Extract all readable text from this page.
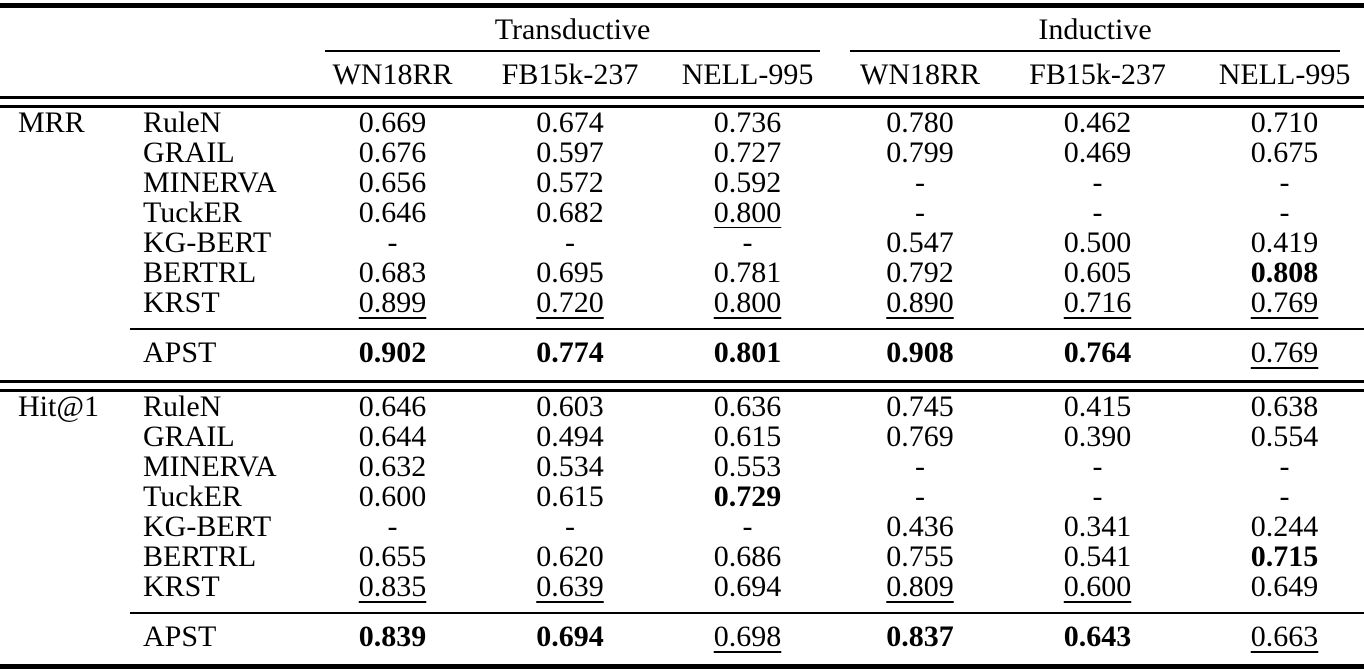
		Transductive				Inductive		

		WN18RR	FB15k-237	NELL-995		WN18RR	FB15k-237	NELL-995

MRR	RuleN	0.669	0.674	0.736		0.780	0.462	0.710
	GRAIL	0.676	0.597	0.727		0.799	0.469	0.675
	MINERVA	0.656	0.572	0.592		-	-	-
	TuckER	0.646	0.682	0.800		-	-	-
	KG-BERT	-	-	-		0.547	0.500	0.419
	BERTRL	0.683	0.695	0.781		0.792	0.605	0.808
	KRST	0.899	0.720	0.800		0.890	0.716	0.769
	APST	0.902	0.774	0.801		0.908	0.764	0.769

Hit@1	RuleN	0.646	0.603	0.636		0.745	0.415	0.638
	GRAIL	0.644	0.494	0.615		0.769	0.390	0.554
	MINERVA	0.632	0.534	0.553		-	-	-
	TuckER	0.600	0.615	0.729		-	-	-
	KG-BERT	-	-	-		0.436	0.341	0.244
	BERTRL	0.655	0.620	0.686		0.755	0.541	0.715
	KRST	0.835	0.639	0.694		0.809	0.600	0.649
	APST	0.839	0.694	0.698		0.837	0.643	0.663
